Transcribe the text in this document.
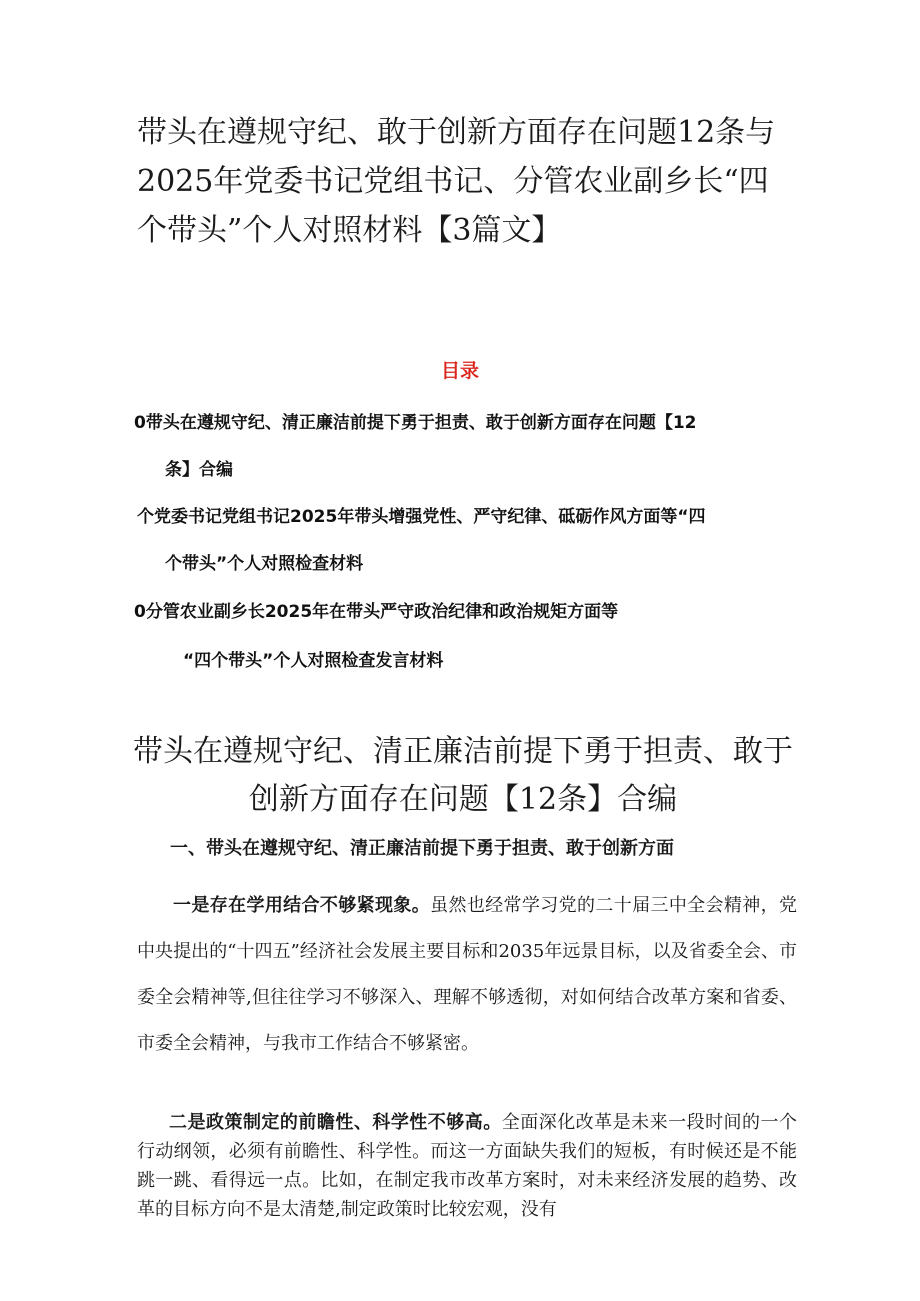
带头在遵规守纪、敢于创新方面存在问题12条与2025年党委书记党组书记、分管农业副乡长“四个带头”个人对照材料【3篇文】
目录
0带头在遵规守纪、清正廉洁前提下勇于担责、敢于创新方面存在问题【12
条】合编
个党委书记党组书记2025年带头增强党性、严守纪律、砥砺作风方面等“四
个带头”个人对照检查材料
0分管农业副乡长2025年在带头严守政治纪律和政治规矩方面等
“四个带头”个人对照检查发言材料
带头在遵规守纪、清正廉洁前提下勇于担责、敢于创新方面存在问题【12条】合编
一、带头在遵规守纪、清正廉洁前提下勇于担责、敢于创新方面

一是存在学用结合不够紧现象。虽然也经常学习党的二十届三中全会精神，党中央提出的“十四五”经济社会发展主要目标和2035年远景目标，以及省委全会、市委全会精神等,但往往学习不够深入、理解不够透彻，对如何结合改革方案和省委、市委全会精神，与我市工作结合不够紧密。

二是政策制定的前瞻性、科学性不够高。全面深化改革是未来一段时间的一个行动纲领，必须有前瞻性、科学性。而这一方面缺失我们的短板，有时候还是不能跳一跳、看得远一点。比如，在制定我市改革方案时，对未来经济发展的趋势、改革的目标方向不是太清楚,制定政策时比较宏观，没有
